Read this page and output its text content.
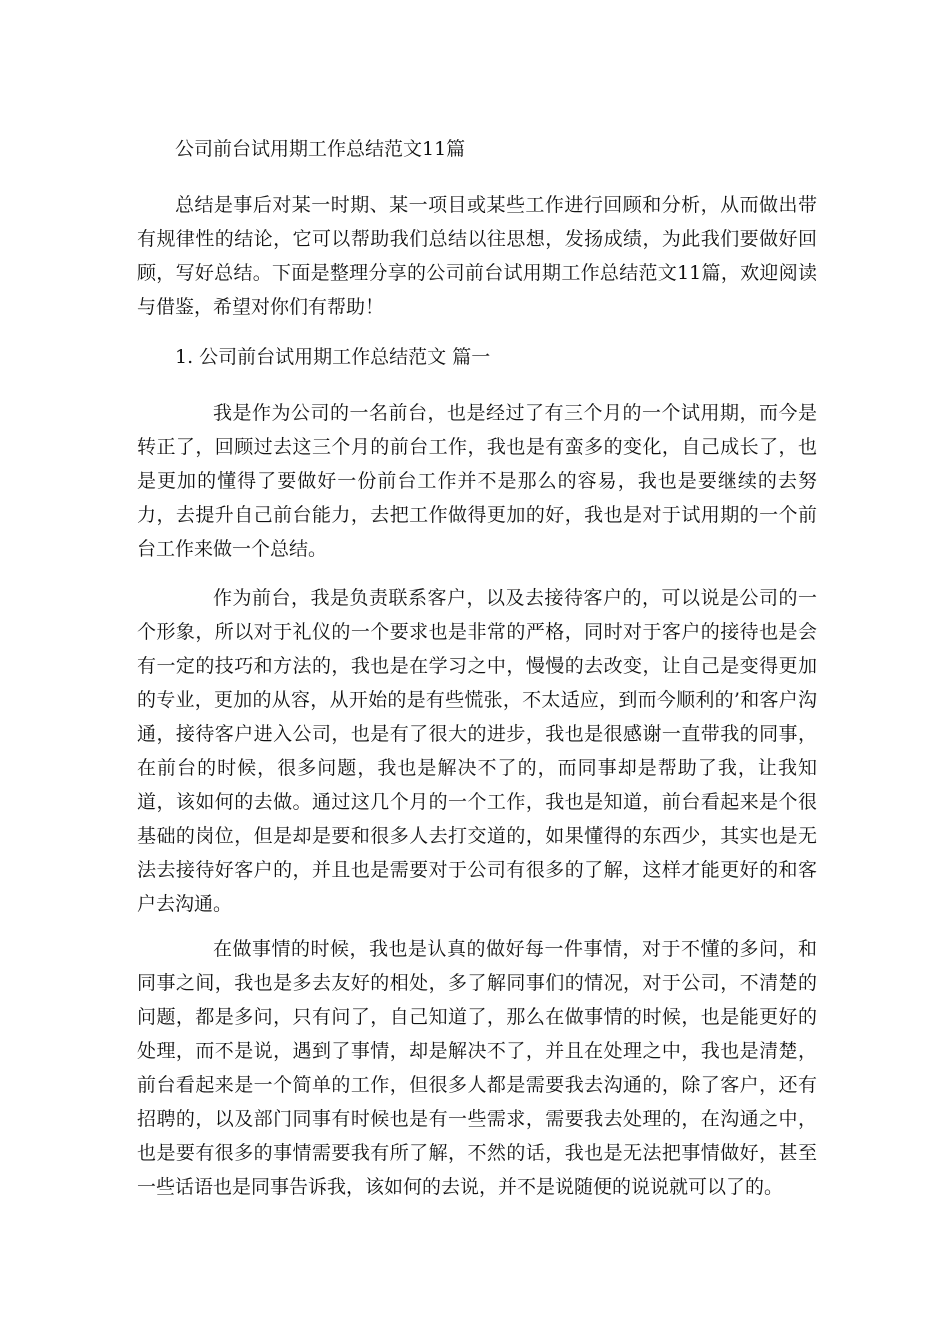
公司前台试用期工作总结范文11篇

总结是事后对某一时期、某一项目或某些工作进行回顾和分析，从而做出带有规律性的结论，它可以帮助我们总结以往思想，发扬成绩，为此我们要做好回顾，写好总结。下面是整理分享的公司前台试用期工作总结范文11篇，欢迎阅读与借鉴，希望对你们有帮助！

1. 公司前台试用期工作总结范文 篇一

我是作为公司的一名前台，也是经过了有三个月的一个试用期，而今是转正了，回顾过去这三个月的前台工作，我也是有蛮多的变化，自己成长了，也是更加的懂得了要做好一份前台工作并不是那么的容易，我也是要继续的去努力，去提升自己前台能力，去把工作做得更加的好，我也是对于试用期的一个前台工作来做一个总结。

作为前台，我是负责联系客户，以及去接待客户的，可以说是公司的一个形象，所以对于礼仪的一个要求也是非常的严格，同时对于客户的接待也是会有一定的技巧和方法的，我也是在学习之中，慢慢的去改变，让自己是变得更加的专业，更加的从容，从开始的是有些慌张，不太适应，到而今顺利的’和客户沟通，接待客户进入公司，也是有了很大的进步，我也是很感谢一直带我的同事，在前台的时候，很多问题，我也是解决不了的，而同事却是帮助了我，让我知道，该如何的去做。通过这几个月的一个工作，我也是知道，前台看起来是个很基础的岗位，但是却是要和很多人去打交道的，如果懂得的东西少，其实也是无法去接待好客户的，并且也是需要对于公司有很多的了解，这样才能更好的和客户去沟通。

在做事情的时候，我也是认真的做好每一件事情，对于不懂的多问，和同事之间，我也是多去友好的相处，多了解同事们的情况，对于公司，不清楚的问题，都是多问，只有问了，自己知道了，那么在做事情的时候，也是能更好的处理，而不是说，遇到了事情，却是解决不了，并且在处理之中，我也是清楚，前台看起来是一个简单的工作，但很多人都是需要我去沟通的，除了客户，还有招聘的，以及部门同事有时候也是有一些需求，需要我去处理的，在沟通之中，也是要有很多的事情需要我有所了解，不然的话，我也是无法把事情做好，甚至一些话语也是同事告诉我，该如何的去说，并不是说随便的说说就可以了的。
